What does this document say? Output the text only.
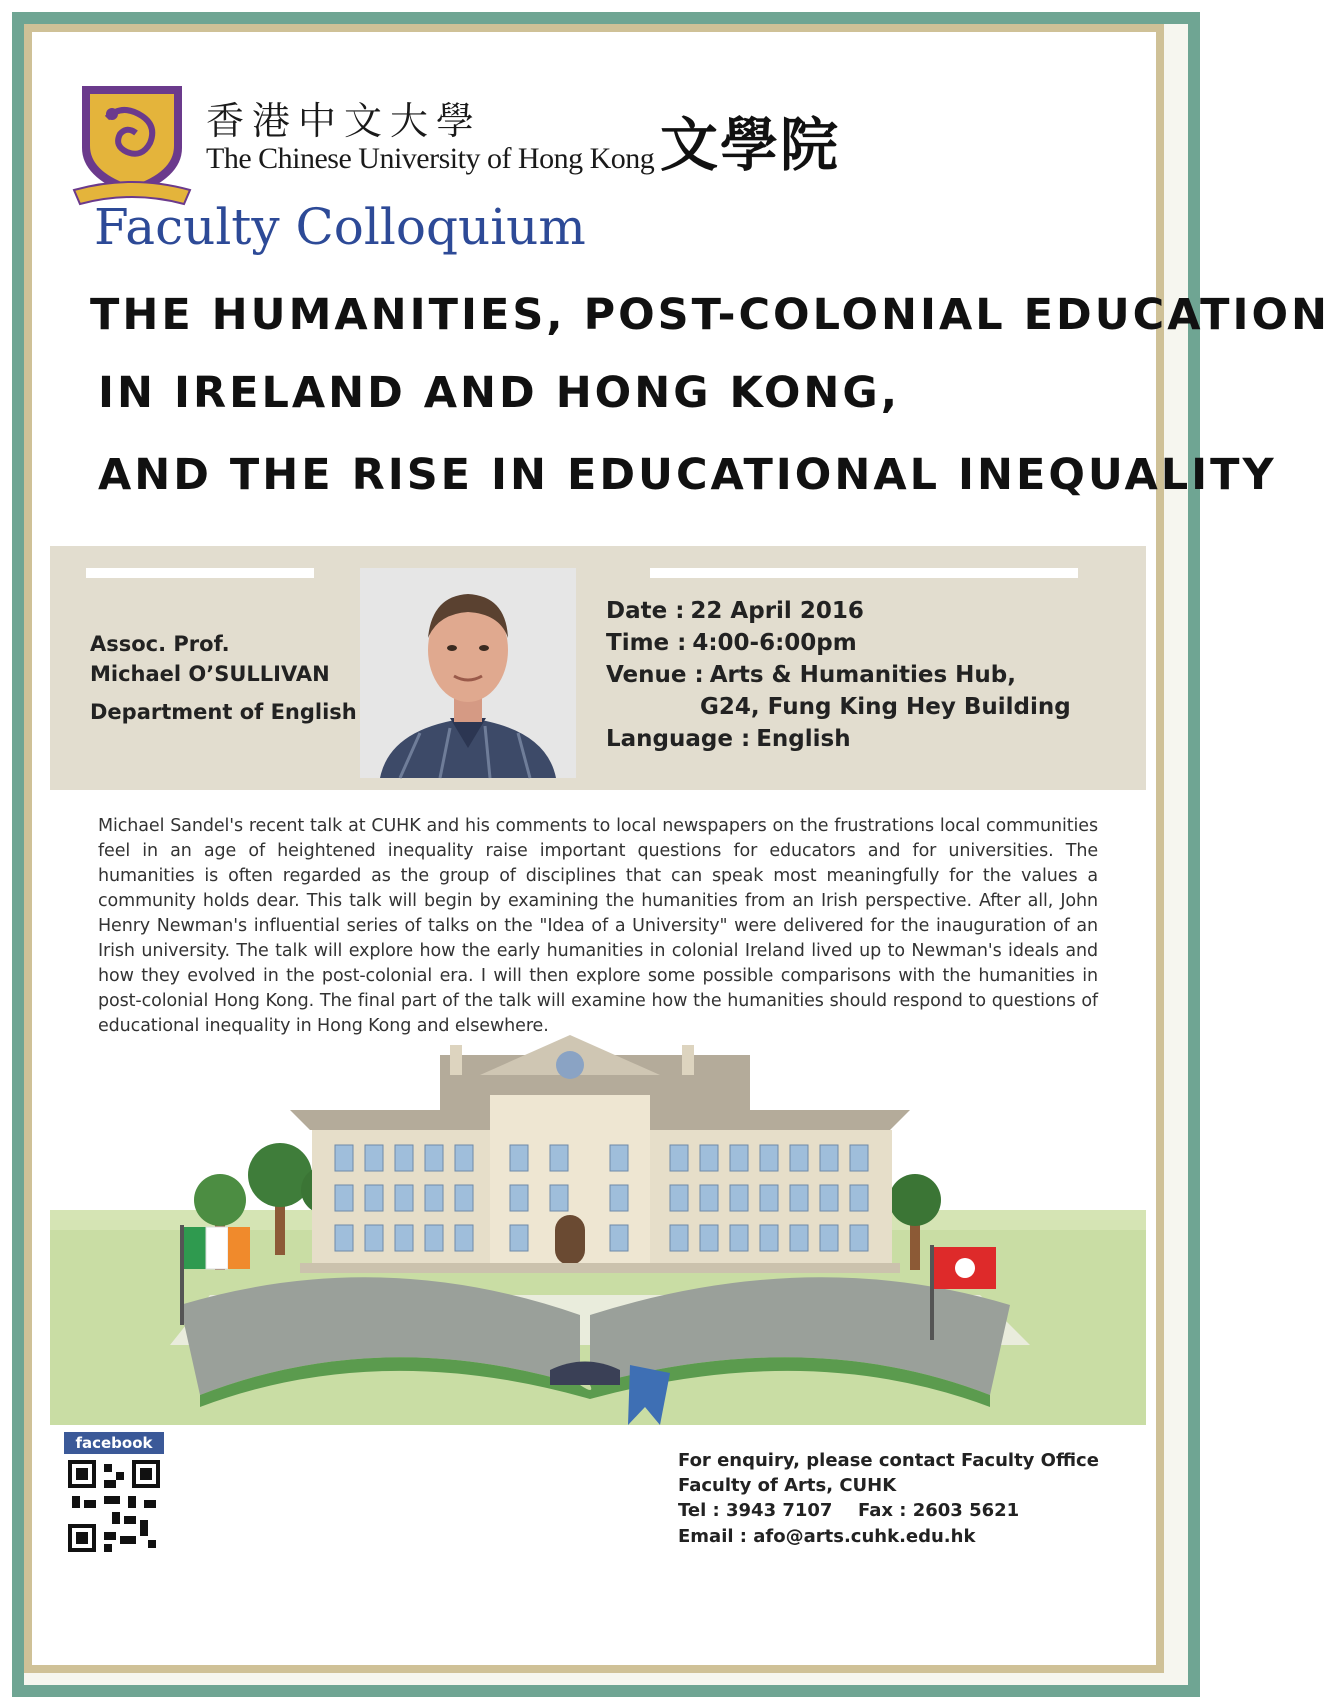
香港中文大學
The Chinese University of Hong Kong 文學院
Faculty Colloquium
THE HUMANITIES, POST-COLONIAL EDUCATION
IN IRELAND AND HONG KONG,
AND THE RISE IN EDUCATIONAL INEQUALITY
Assoc. Prof.
Michael O’SULLIVAN
Department of English
Date : 22 April 2016
Time : 4:00-6:00pm
Venue : Arts & Humanities Hub,
G24, Fung King Hey Building
Language : English
Michael Sandel's recent talk at CUHK and his comments to local newspapers on the frustrations local communities feel in an age of heightened inequality raise important questions for educators and for universities. The humanities is often regarded as the group of disciplines that can speak most meaningfully for the values a community holds dear. This talk will begin by examining the humanities from an Irish perspective. After all, John Henry Newman's influential series of talks on the "Idea of a University" were delivered for the inauguration of an Irish university. The talk will explore how the early humanities in colonial Ireland lived up to Newman's ideals and how they evolved in the post-colonial era. I will then explore some possible comparisons with the humanities in post-colonial Hong Kong. The final part of the talk will examine how the humanities should respond to questions of educational inequality in Hong Kong and elsewhere.
facebook
For enquiry, please contact Faculty Office
Faculty of Arts, CUHK
Tel : 3943 7107 Fax : 2603 5621
Email : afo@arts.cuhk.edu.hk
